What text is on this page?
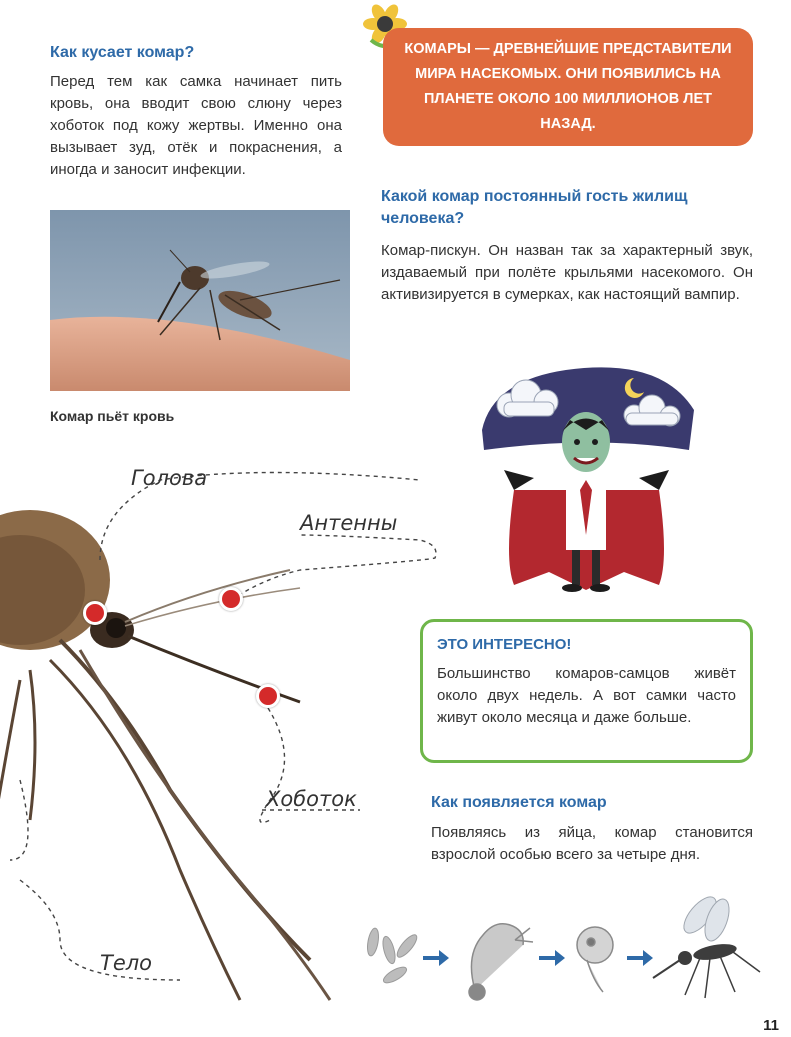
КОМАРЫ — ДРЕВНЕЙШИЕ ПРЕДСТАВИТЕЛИ МИРА НАСЕКОМЫХ. ОНИ ПОЯВИЛИСЬ НА ПЛАНЕТЕ ОКОЛО 100 МИЛЛИОНОВ ЛЕТ НАЗАД.
Как кусает комар?
Перед тем как самка начинает пить кровь, она вводит свою слюну через хоботок под кожу жертвы. Именно она вызывает зуд, отёк и покраснения, а иногда и заносит инфекции.
Комар пьёт кровь
Какой комар постоянный гость жилищ человека?
Комар-пискун. Он назван так за характерный звук, издаваемый при полёте крыльями насекомого. Он активизируется в сумерках, как настоящий вампир.
ЭТО ИНТЕРЕСНО!
Большинство комаров-самцов живёт около двух недель. А вот самки часто живут около месяца и даже больше.
Как появляется комар
Появляясь из яйца, комар становится взрослой особью всего за четыре дня.
Голова
Антенны
Хоботок
Тело
11
